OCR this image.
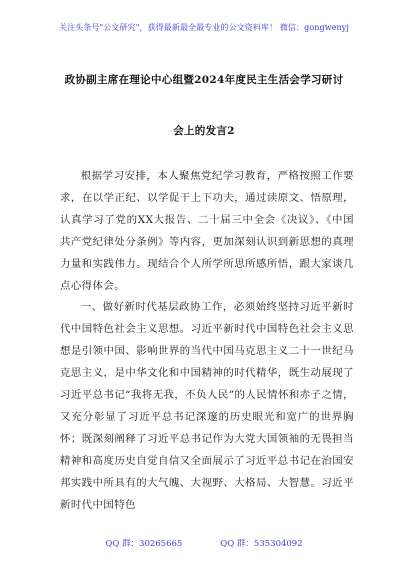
关注头条号"公文研究"，获得最新最全最专业的公文资料库！ 微信：gongwenyj
政协副主席在理论中心组暨2024年度民主生活会学习研讨
会上的发言2

根据学习安排，本人聚焦党纪学习教育，严格按照工作要求，在以学正纪、以学促干上下功夫，通过读原文、悟原理，认真学习了党的XX大报告、二十届三中全会《决议》、《中国共产党纪律处分条例》等内容，更加深刻认识到新思想的真理力量和实践伟力。现结合个人所学所思所感所悟，跟大家谈几点心得体会。

一、做好新时代基层政协工作，必须始终坚持习近平新时代中国特色社会主义思想。习近平新时代中国特色社会主义思想是引领中国、影响世界的当代中国马克思主义二十一世纪马克思主义，是中华文化和中国精神的时代精华，既生动展现了习近平总书记“我将无我，不负人民”的人民情怀和赤子之情，又充分彰显了习近平总书记深邃的历史眼光和宽广的世界胸怀；既深刻阐释了习近平总书记作为大党大国领袖的无畏担当精神和高度历史自觉自信又全面展示了习近平总书记在治国安邦实践中所具有的大气魄、大视野、大格局、大智慧。习近平新时代中国特色

QQ 群：30265665	QQ 群：535304092
